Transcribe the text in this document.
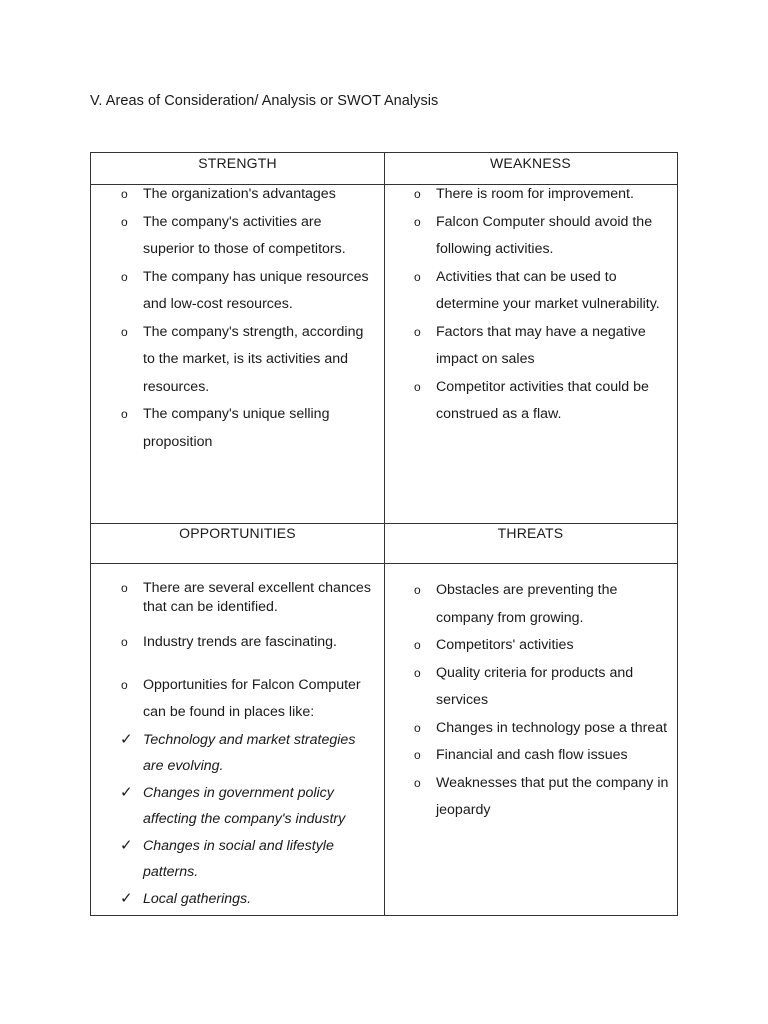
V. Areas of Consideration/ Analysis or SWOT Analysis
STRENGTH	WEAKNESS
OPPORTUNITIES	THREATS
o The organization's advantages
o The company's activities are superior to those of competitors.
o The company has unique resources and low-cost resources.
o The company's strength, according to the market, is its activities and resources.
o The company's unique selling proposition
o There is room for improvement.
o Falcon Computer should avoid the following activities.
o Activities that can be used to determine your market vulnerability.
o Factors that may have a negative impact on sales
o Competitor activities that could be construed as a flaw.
o There are several excellent chances that can be identified.
o Industry trends are fascinating.
o Opportunities for Falcon Computer can be found in places like:
✓ Technology and market strategies are evolving.
✓ Changes in government policy affecting the company's industry
✓ Changes in social and lifestyle patterns.
✓ Local gatherings.
o Obstacles are preventing the company from growing.
o Competitors' activities
o Quality criteria for products and services
o Changes in technology pose a threat
o Financial and cash flow issues
o Weaknesses that put the company in jeopardy
